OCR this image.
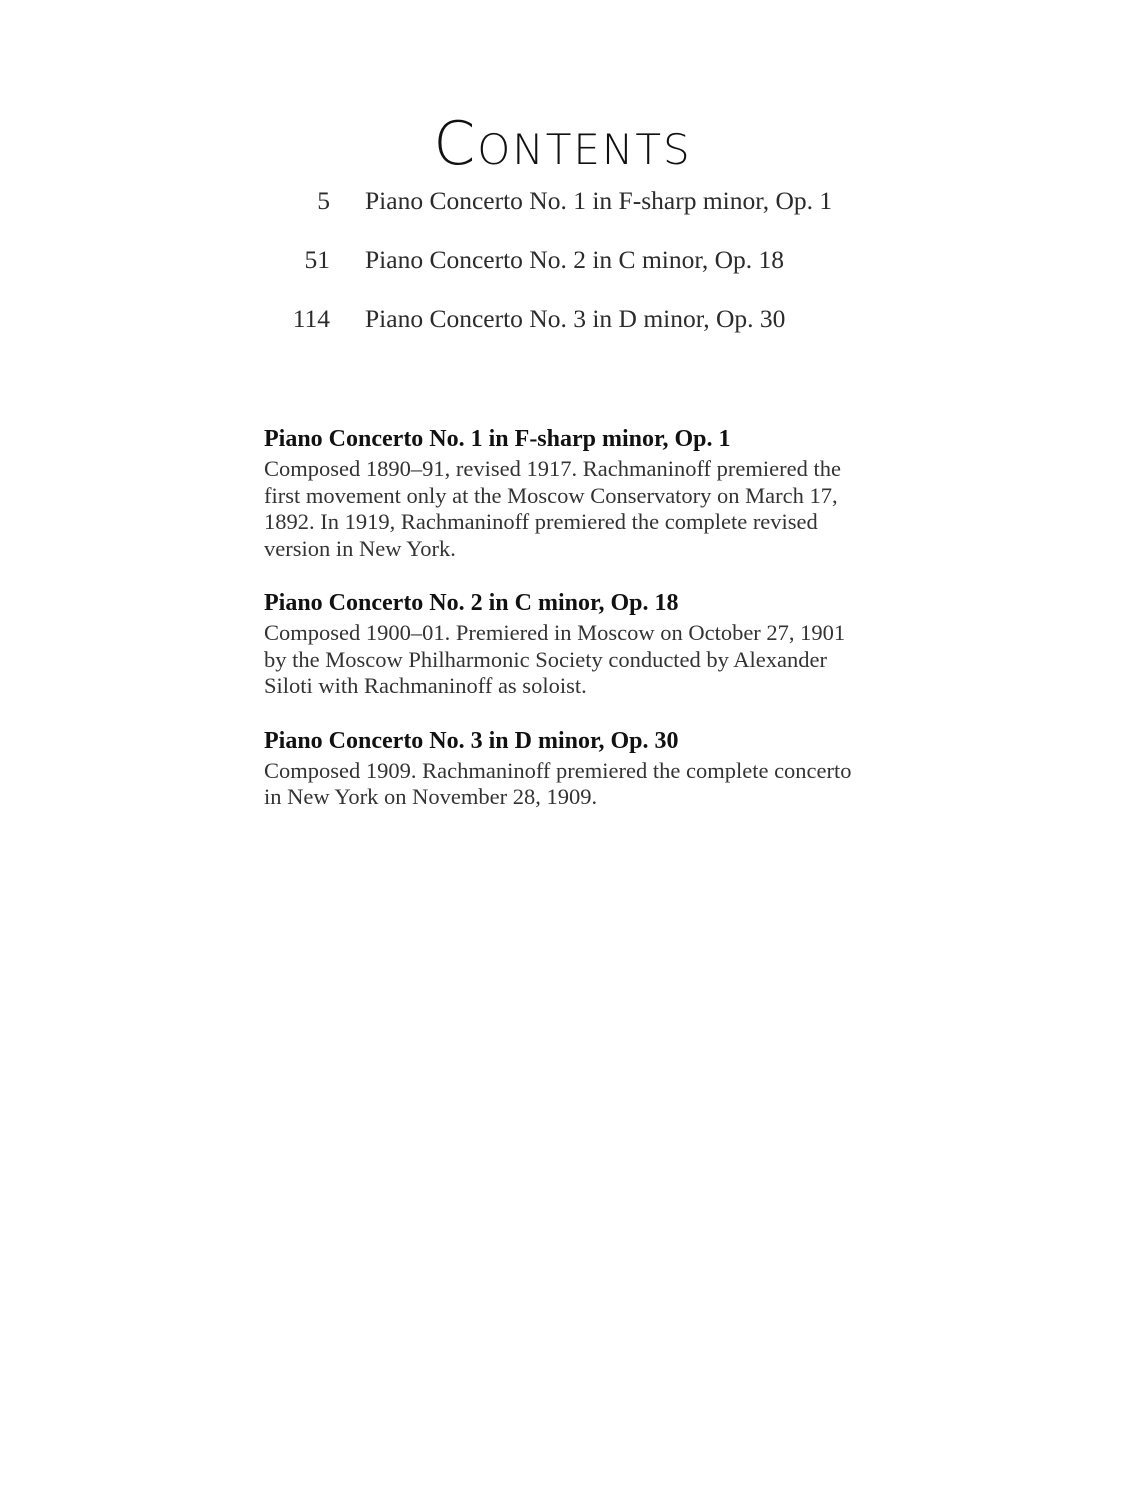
Contents
5 Piano Concerto No. 1 in F-sharp minor, Op. 1
51 Piano Concerto No. 2 in C minor, Op. 18
114 Piano Concerto No. 3 in D minor, Op. 30
Piano Concerto No. 1 in F-sharp minor, Op. 1

Composed 1890–91, revised 1917. Rachmaninoff premiered the first movement only at the Moscow Conservatory on March 17, 1892. In 1919, Rachmaninoff premiered the complete revised version in New York.

Piano Concerto No. 2 in C minor, Op. 18

Composed 1900–01. Premiered in Moscow on October 27, 1901 by the Moscow Philharmonic Society conducted by Alexander Siloti with Rachmaninoff as soloist.

Piano Concerto No. 3 in D minor, Op. 30

Composed 1909. Rachmaninoff premiered the complete concerto in New York on November 28, 1909.
